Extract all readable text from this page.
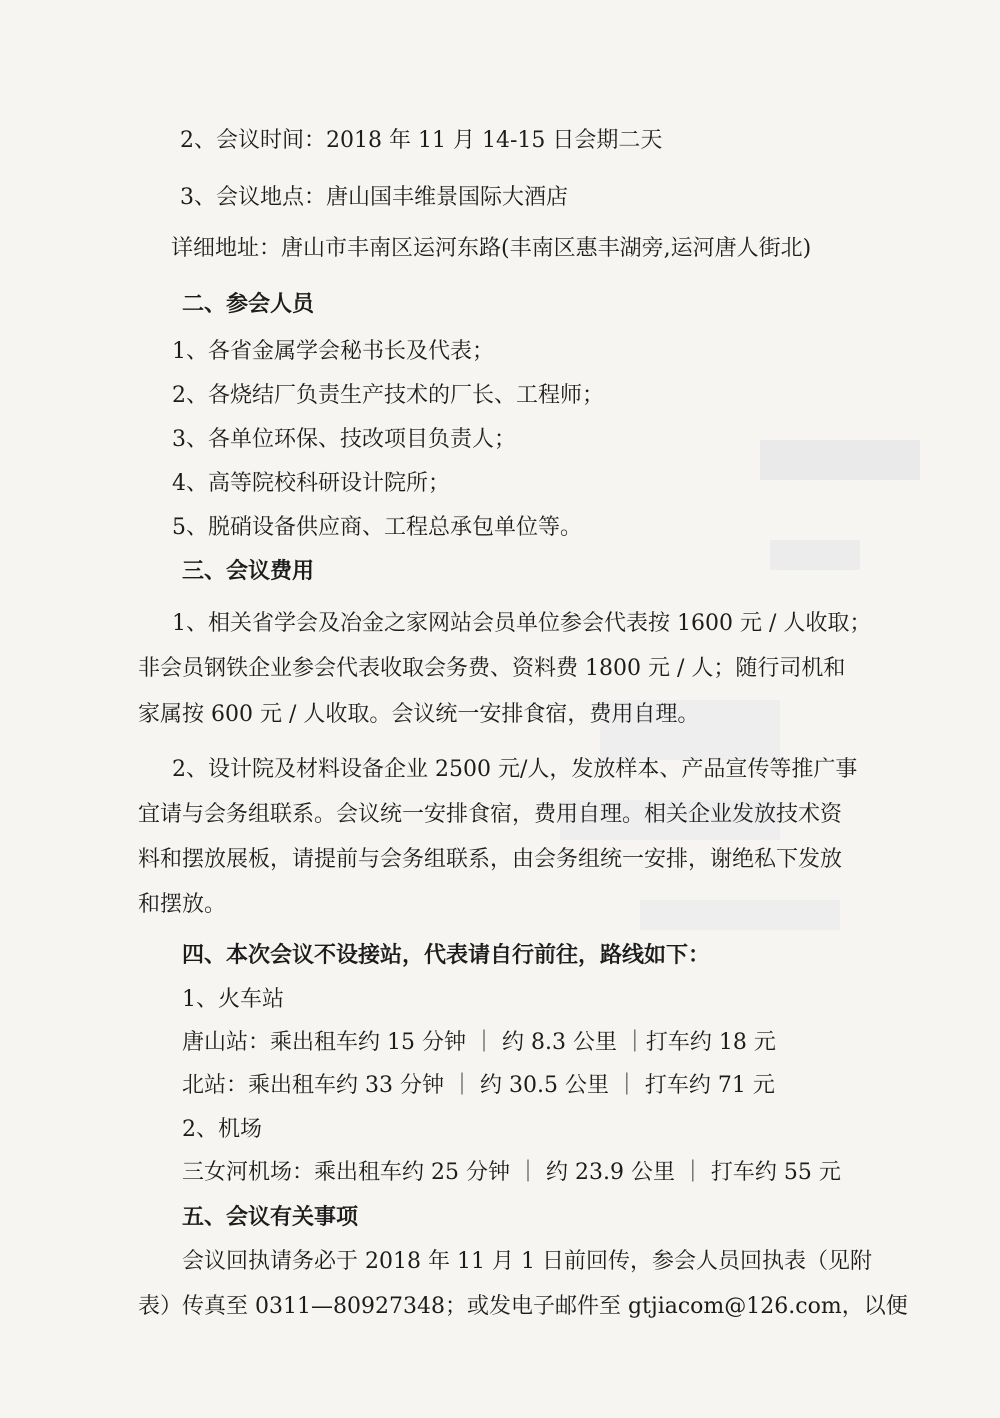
2、会议时间：2018 年 11 月 14-15 日会期二天

3、会议地点：唐山国丰维景国际大酒店

详细地址：唐山市丰南区运河东路(丰南区惠丰湖旁,运河唐人街北)

二、参会人员

1、各省金属学会秘书长及代表；

2、各烧结厂负责生产技术的厂长、工程师；

3、各单位环保、技改项目负责人；

4、高等院校科研设计院所；

5、脱硝设备供应商、工程总承包单位等。

三、会议费用

1、相关省学会及冶金之家网站会员单位参会代表按 1600 元 / 人收取；

非会员钢铁企业参会代表收取会务费、资料费 1800 元 / 人；随行司机和

家属按 600 元 / 人收取。会议统一安排食宿，费用自理。

2、设计院及材料设备企业 2500 元/人，发放样本、产品宣传等推广事

宜请与会务组联系。会议统一安排食宿，费用自理。相关企业发放技术资

料和摆放展板，请提前与会务组联系，由会务组统一安排，谢绝私下发放

和摆放。

四、本次会议不设接站，代表请自行前往，路线如下：

1、火车站

唐山站：乘出租车约 15 分钟 ｜ 约 8.3 公里 ｜打车约 18 元

北站：乘出租车约 33 分钟 ｜ 约 30.5 公里 ｜ 打车约 71 元

2、机场

三女河机场：乘出租车约 25 分钟 ｜ 约 23.9 公里 ｜ 打车约 55 元

五、会议有关事项

会议回执请务必于 2018 年 11 月 1 日前回传，参会人员回执表（见附

表）传真至 0311—80927348；或发电子邮件至 gtjiacom@126.com，以便
